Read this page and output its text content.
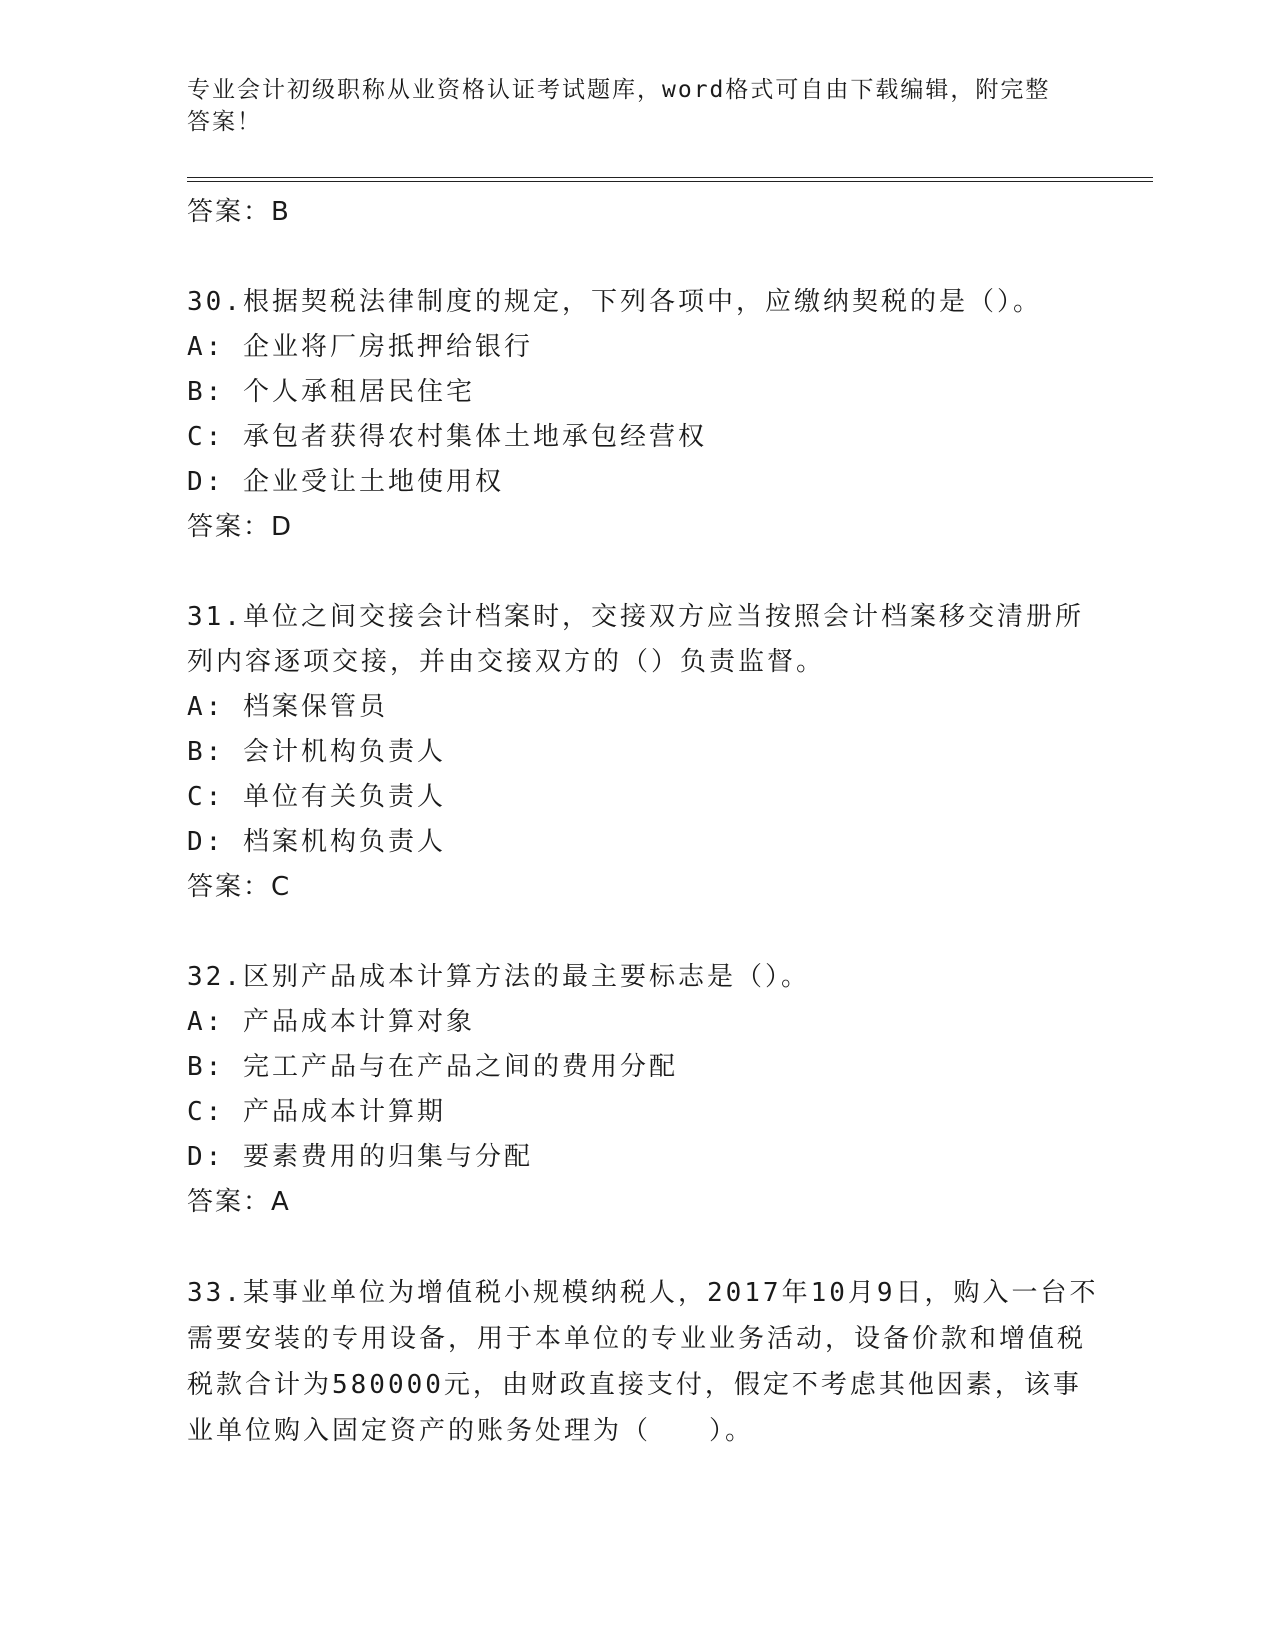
专业会计初级职称从业资格认证考试题库，word格式可自由下载编辑，附完整答案！
答案：B
30.根据契税法律制度的规定，下列各项中，应缴纳契税的是（）。
A: 企业将厂房抵押给银行
B: 个人承租居民住宅
C: 承包者获得农村集体土地承包经营权
D: 企业受让土地使用权
答案：D
31.单位之间交接会计档案时，交接双方应当按照会计档案移交清册所列内容逐项交接，并由交接双方的（）负责监督。
A: 档案保管员
B: 会计机构负责人
C: 单位有关负责人
D: 档案机构负责人
答案：C
32.区别产品成本计算方法的最主要标志是（）。
A: 产品成本计算对象
B: 完工产品与在产品之间的费用分配
C: 产品成本计算期
D: 要素费用的归集与分配
答案：A
33.某事业单位为增值税小规模纳税人，2017年10月9日，购入一台不需要安装的专用设备，用于本单位的专业业务活动，设备价款和增值税税款合计为580000元，由财政直接支付，假定不考虑其他因素，该事业单位购入固定资产的账务处理为（　　）。
